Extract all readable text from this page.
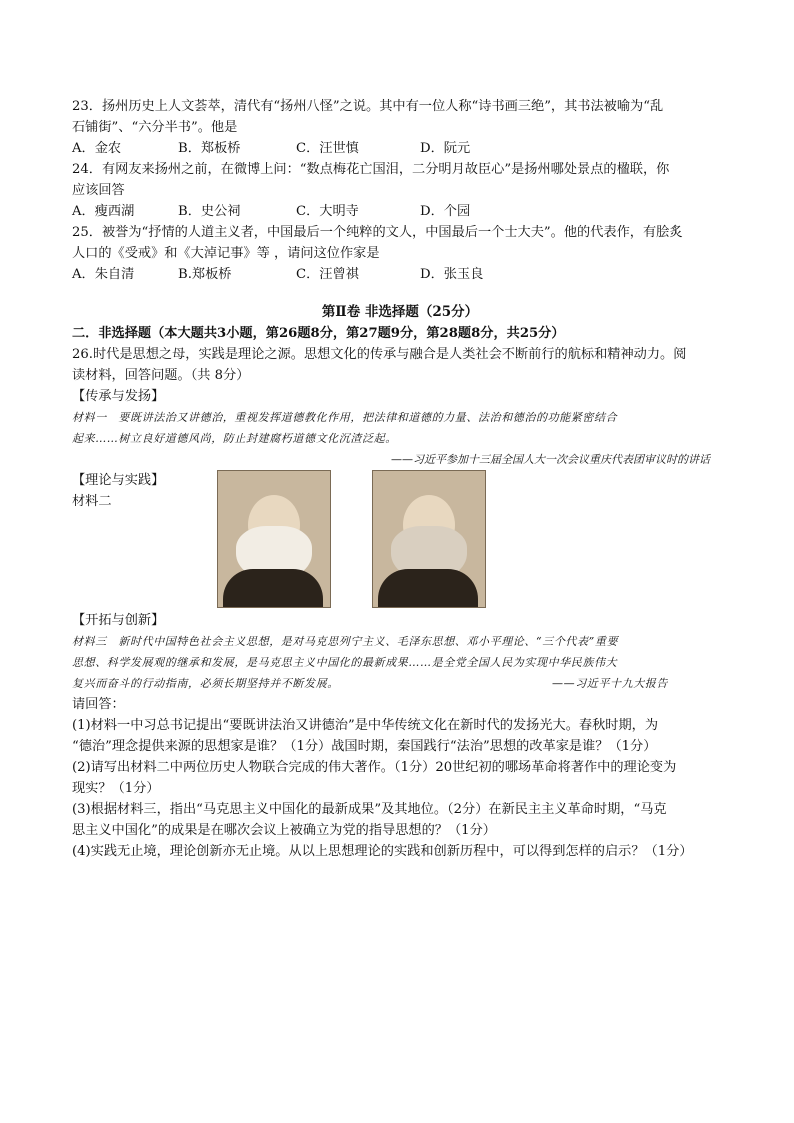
23．扬州历史上人文荟萃，清代有“扬州八怪”之说。其中有一位人称“诗书画三绝”，其书法被喻为“乱
石铺街”、“六分半书”。他是
A．金农	B．郑板桥	C．汪世慎	D．阮元
24．有网友来扬州之前，在微博上问：“数点梅花亡国泪，二分明月故臣心”是扬州哪处景点的楹联，你
应该回答
A．瘦西湖	B．史公祠	C．大明寺	D．个园
25．被誉为“抒情的人道主义者，中国最后一个纯粹的文人，中国最后一个士大夫”。他的代表作，有脍炙
人口的《受戒》和《大淖记事》等 ，请问这位作家是
A．朱自清	B.郑板桥	C．汪曾祺	D．张玉良
第Ⅱ卷 非选择题（25分）
二．非选择题（本大题共3小题，第26题8分，第27题9分，第28题8分，共25分）
26.时代是思想之母，实践是理论之源。思想文化的传承与融合是人类社会不断前行的航标和精神动力。阅
读材料，回答问题。（共 8分）
【传承与发扬】
材料一　要既讲法治又讲德治，重视发挥道德教化作用，把法律和道德的力量、法治和德治的功能紧密结合
起来……树立良好道德风尚，防止封建腐朽道德文化沉渣泛起。
——习近平参加十三届全国人大一次会议重庆代表团审议时的讲话
【理论与实践】
材料二
【开拓与创新】
材料三　新时代中国特色社会主义思想，是对马克思列宁主义、毛泽东思想、邓小平理论、“三个代表”重要
思想、科学发展观的继承和发展，是马克思主义中国化的最新成果……是全党全国人民为实现中华民族伟大
复兴而奋斗的行动指南，必须长期坚持并不断发展。	——习近平十九大报告
请回答：
(1)材料一中习总书记提出“要既讲法治又讲德治”是中华传统文化在新时代的发扬光大。春秋时期，为
“德治”理念提供来源的思想家是谁？（1分）战国时期，秦国践行“法治”思想的改革家是谁？（1分）
(2)请写出材料二中两位历史人物联合完成的伟大著作。（1分）20世纪初的哪场革命将著作中的理论变为
现实？（1分）
(3)根据材料三，指出“马克思主义中国化的最新成果”及其地位。（2分）在新民主主义革命时期，“马克
思主义中国化”的成果是在哪次会议上被确立为党的指导思想的？（1分）
(4)实践无止境，理论创新亦无止境。从以上思想理论的实践和创新历程中，可以得到怎样的启示？（1分）
